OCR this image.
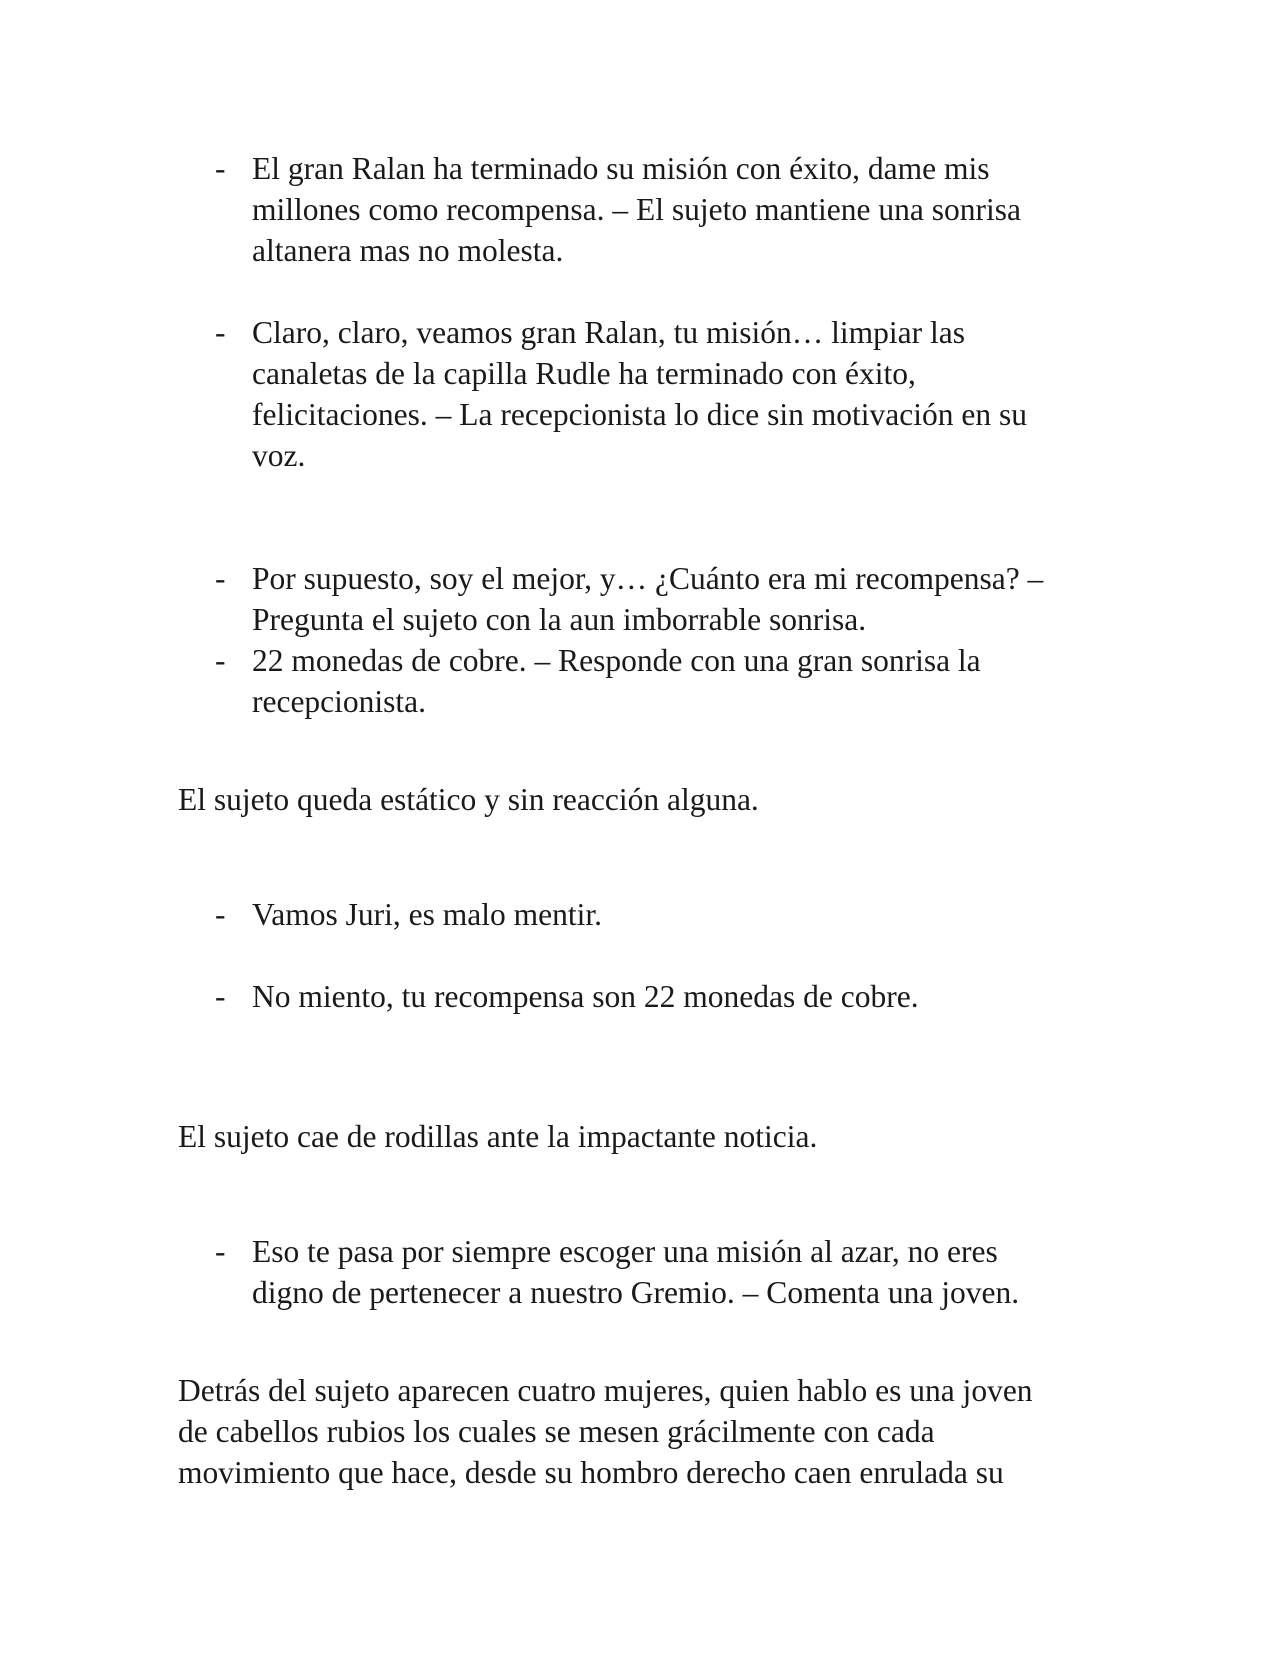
- El gran Ralan ha terminado su misión con éxito, dame mis
millones como recompensa. – El sujeto mantiene una sonrisa
altanera mas no molesta.
- Claro, claro, veamos gran Ralan, tu misión… limpiar las
canaletas de la capilla Rudle ha terminado con éxito,
felicitaciones. – La recepcionista lo dice sin motivación en su
voz.
- Por supuesto, soy el mejor, y… ¿Cuánto era mi recompensa? –
Pregunta el sujeto con la aun imborrable sonrisa.
- 22 monedas de cobre. – Responde con una gran sonrisa la
recepcionista.
El sujeto queda estático y sin reacción alguna.
- Vamos Juri, es malo mentir.
- No miento, tu recompensa son 22 monedas de cobre.
El sujeto cae de rodillas ante la impactante noticia.
- Eso te pasa por siempre escoger una misión al azar, no eres
digno de pertenecer a nuestro Gremio. – Comenta una joven.
Detrás del sujeto aparecen cuatro mujeres, quien hablo es una joven
de cabellos rubios los cuales se mesen grácilmente con cada
movimiento que hace, desde su hombro derecho caen enrulada su
